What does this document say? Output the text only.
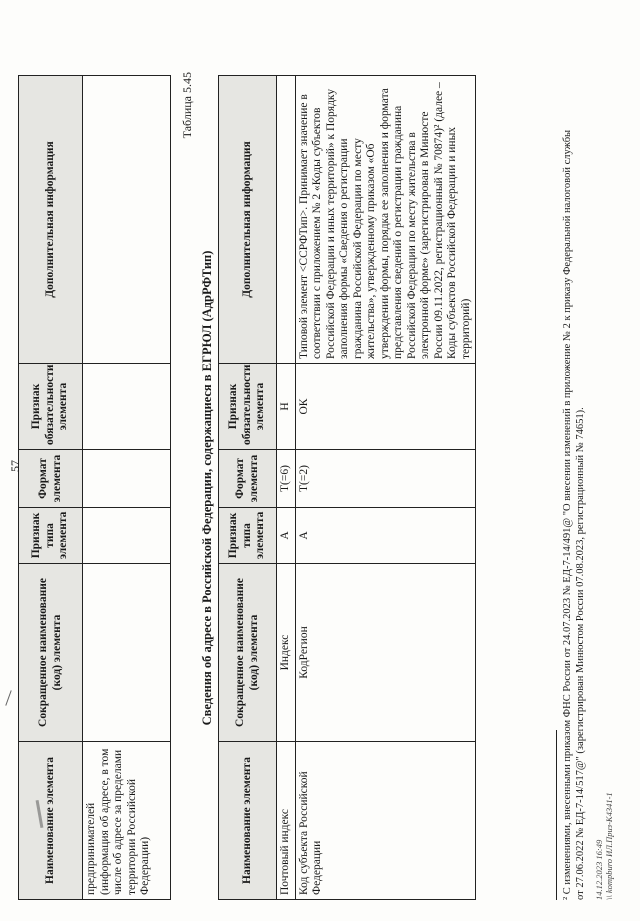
Наименование элемента	Сокращенное наименование (код) элемента	Признак типа элемента	Формат элемента	Признак обязательности элемента	Дополнительная информация
предпринимателей (информация об адресе, в том числе об адресе за пределами территории Российской Федерации)					
57
Таблица 5.45
Сведения об адресе в Российской Федерации, содержащиеся в ЕГРЮЛ (АдрРФТип)
Наименование элемента	Сокращенное наименование (код) элемента	Признак типа элемента	Формат элемента	Признак обязательности элемента	Дополнительная информация
Почтовый индекс	Индекс	А	T(=6)	Н	
Код субъекта Российской Федерации	КодРегион	А	T(=2)	ОК	Типовой элемент <ССРФТип>. Принимает значение в соответствии с приложением № 2 «Коды субъектов Российской Федерации и иных территорий» к Порядку заполнения формы «Сведения о регистрации гражданина Российской Федерации по месту жительства», утвержденному приказом «Об утверждении формы, порядка ее заполнения и формата представления сведений о регистрации гражданина Российской Федерации по месту жительства в электронной форме» (зарегистрирован в Минюсте России 09.11.2022, регистрационный № 70874)² (далее – Коды субъектов Российской Федерации и иных территорий)	² С изменениями, внесенными приказом ФНС России от 24.07.2023 № ЕД-7-14/491@ "О внесении изменений в приложение № 2 к приказу Федеральной налоговой службы от 27.06.2022 № ЕД-7-14/517@" (зарегистрирован Минюстом России 07.08.2023, регистрационный № 74651). 14.12.2023 16:49 \\ kompburo ИЛ.Приз-К4341-1
